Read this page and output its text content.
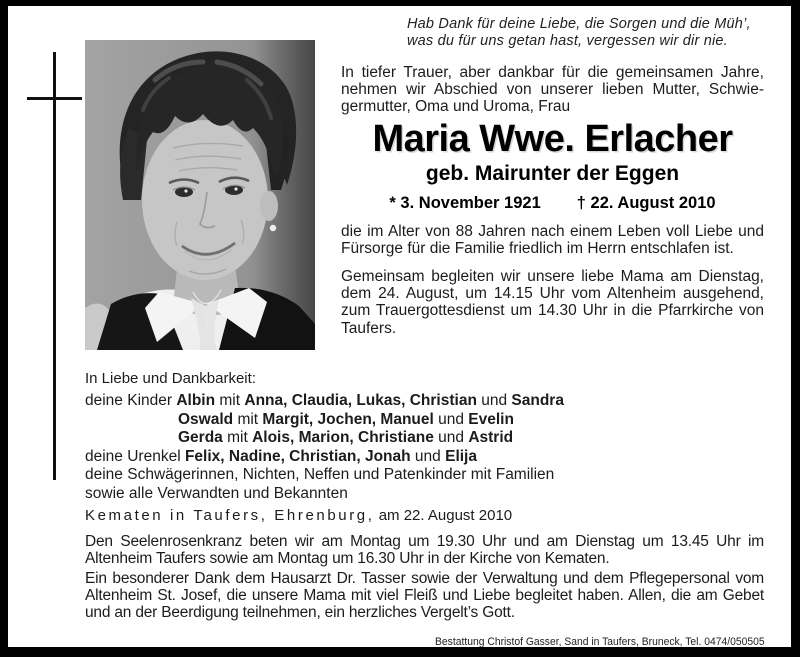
Hab Dank für deine Liebe, die Sorgen und die Müh’,
was du für uns getan hast, vergessen wir dir nie.
In tiefer Trauer, aber dankbar für die gemeinsamen Jahre, nehmen wir Abschied von unserer lieben Mutter, Schwiegermutter, Oma und Uroma, Frau
Maria Wwe. Erlacher
geb. Mairunter der Eggen
* 3. November 1921 † 22. August 2010
die im Alter von 88 Jahren nach einem Leben voll Liebe und Fürsorge für die Familie friedlich im Herrn entschlafen ist.
Gemeinsam begleiten wir unsere liebe Mama am Dienstag, dem 24. August, um 14.15 Uhr vom Altenheim ausgehend, zum Trauergottesdienst um 14.30 Uhr in die Pfarrkirche von Taufers.
In Liebe und Dankbarkeit:
deine Kinder Albin mit Anna, Claudia, Lukas, Christian und Sandra
Oswald mit Margit, Jochen, Manuel und Evelin
Gerda mit Alois, Marion, Christiane und Astrid
deine Urenkel Felix, Nadine, Christian, Jonah und Elija
deine Schwägerinnen, Nichten, Neffen und Patenkinder mit Familien
sowie alle Verwandten und Bekannten
Kematen in Taufers, Ehrenburg, am 22. August 2010
Den Seelenrosenkranz beten wir am Montag um 19.30 Uhr und am Dienstag um 13.45 Uhr im Altenheim Taufers sowie am Montag um 16.30 Uhr in der Kirche von Kematen.
Ein besonderer Dank dem Hausarzt Dr. Tasser sowie der Verwaltung und dem Pflegepersonal vom Altenheim St. Josef, die unsere Mama mit viel Fleiß und Liebe begleitet haben. Allen, die am Gebet und an der Beerdigung teilnehmen, ein herzliches Vergelt’s Gott.
Bestattung Christof Gasser, Sand in Taufers, Bruneck, Tel. 0474/050505
